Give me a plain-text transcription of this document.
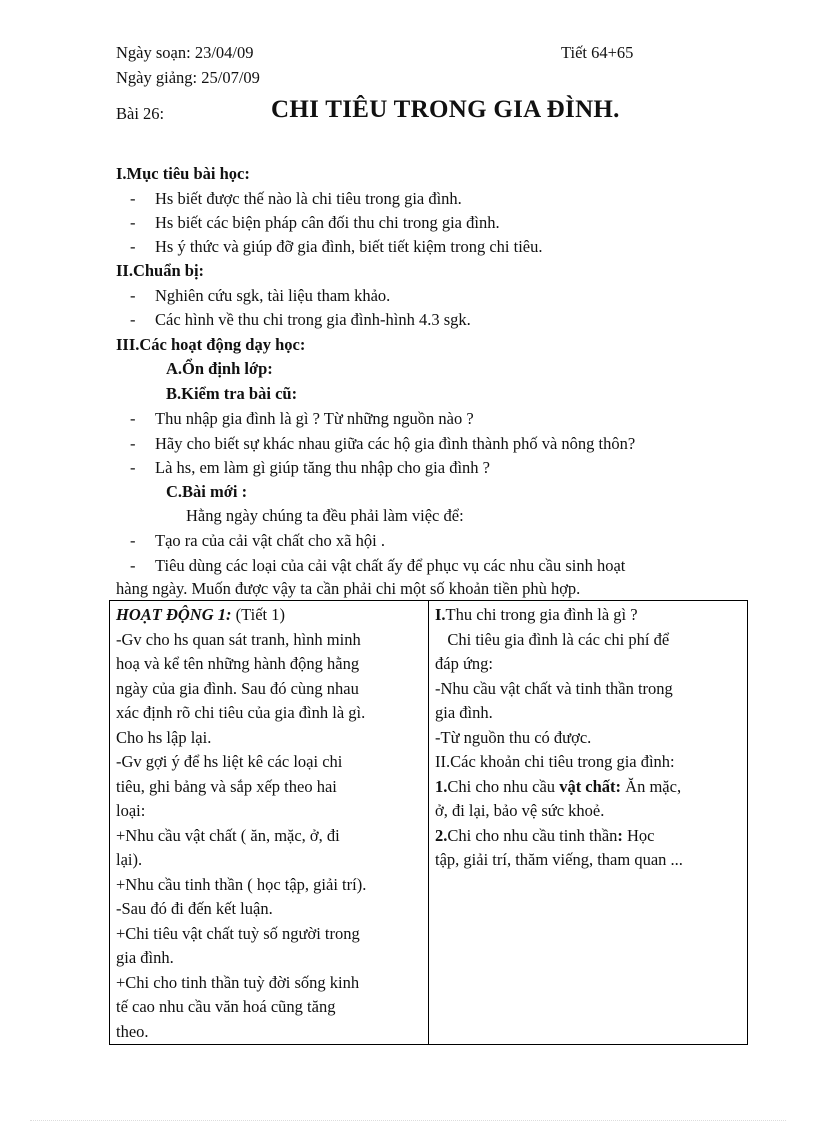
Ngày soạn: 23/04/09	Tiết 64+65
Ngày giảng: 25/07/09
Bài 26:	CHI TIÊU TRONG GIA ĐÌNH.
I.Mục tiêu bài học:
- Hs biết được thế nào là chi tiêu trong gia đình.
- Hs biết các biện pháp cân đối thu chi trong gia đình.
- Hs ý thức và giúp đỡ gia đình, biết tiết kiệm trong chi tiêu.
II.Chuẩn bị:
- Nghiên cứu sgk, tài liệu tham khảo.
- Các hình về thu chi trong gia đình-hình 4.3 sgk.
III.Các hoạt động dạy học:
A.Ổn định lớp:
B.Kiểm tra bài cũ:
- Thu nhập gia đình là gì ? Từ những nguồn nào ?
- Hãy cho biết sự khác nhau giữa các hộ gia đình thành phố và nông thôn?
- Là hs, em làm gì giúp tăng thu nhập cho gia đình ?
C.Bài mới :
Hằng ngày chúng ta đều phải làm việc để:
- Tạo ra của cải vật chất cho xã hội .
- Tiêu dùng các loại của cải vật chất ấy để phục vụ các nhu cầu sinh hoạt
hàng ngày. Muốn được vậy ta cần phải chi một số khoản tiền phù hợp.
HOẠT ĐỘNG 1: (Tiết 1)
-Gv cho hs quan sát tranh, hình minh
hoạ và kể tên những hành động hằng
ngày của gia đình. Sau đó cùng nhau
xác định rõ chi tiêu của gia đình là gì.
Cho hs lập lại.
-Gv gợi ý để hs liệt kê các loại chi
tiêu, ghi bảng và sắp xếp theo hai
loại:
+Nhu cầu vật chất ( ăn, mặc, ở, đi
lại).
+Nhu cầu tinh thần ( học tập, giải trí).
-Sau đó đi đến kết luận.
+Chi tiêu vật chất tuỳ số người trong
gia đình.
+Chi cho tinh thần tuỳ đời sống kinh
tế cao nhu cầu văn hoá cũng tăng
theo.

I.Thu chi trong gia đình là gì ?
Chi tiêu gia đình là các chi phí để
đáp ứng:
-Nhu cầu vật chất và tinh thần trong
gia đình.
-Từ nguồn thu có được.
II.Các khoản chi tiêu trong gia đình:
1.Chi cho nhu cầu vật chất: Ăn mặc,
ở, đi lại, bảo vệ sức khoẻ.
2.Chi cho nhu cầu tinh thần: Học
tập, giải trí, thăm viếng, tham quan ...
